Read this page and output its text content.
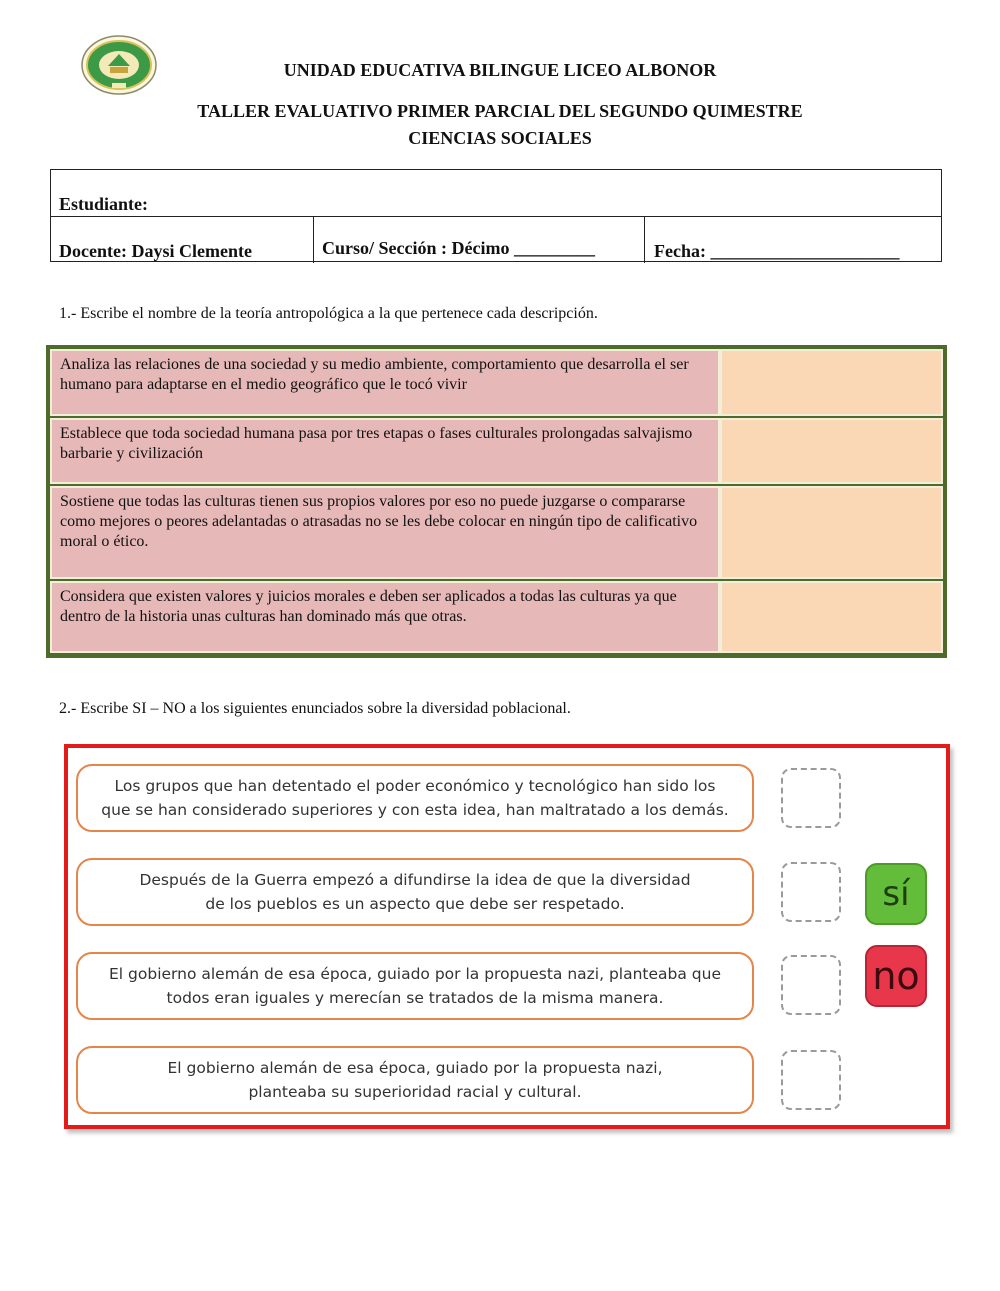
UNIDAD EDUCATIVA BILINGUE LICEO ALBONOR
TALLER EVALUATIVO PRIMER PARCIAL DEL SEGUNDO QUIMESTRE
CIENCIAS SOCIALES
Estudiante:
Docente: Daysi Clemente	Curso/ Sección : Décimo _________	Fecha: _____________________
1.- Escribe el nombre de la teoría antropológica a la que pertenece cada descripción.
Analiza las relaciones de una sociedad y su medio ambiente, comportamiento que desarrolla el ser humano para adaptarse en el medio geográfico que le tocó vivir
Establece que toda sociedad humana pasa por tres etapas o fases culturales prolongadas salvajismo barbarie y civilización
Sostiene que todas las culturas tienen sus propios valores por eso no puede juzgarse o compararse como mejores o peores adelantadas o atrasadas no se les debe colocar en ningún tipo de calificativo moral o ético.
Considera que existen valores y juicios morales e deben ser aplicados a todas las culturas ya que dentro de la historia unas culturas han dominado más que otras.
2.- Escribe SI – NO a los siguientes enunciados sobre la diversidad poblacional.
Los grupos que han detentado el poder económico y tecnológico han sido los
que se han considerado superiores y con esta idea, han maltratado a los demás.
Después de la Guerra empezó a difundirse la idea de que la diversidad
de los pueblos es un aspecto que debe ser respetado.
El gobierno alemán de esa época, guiado por la propuesta nazi, planteaba que
todos eran iguales y merecían se tratados de la misma manera.
El gobierno alemán de esa época, guiado por la propuesta nazi,
planteaba su superioridad racial y cultural.
sí
no
